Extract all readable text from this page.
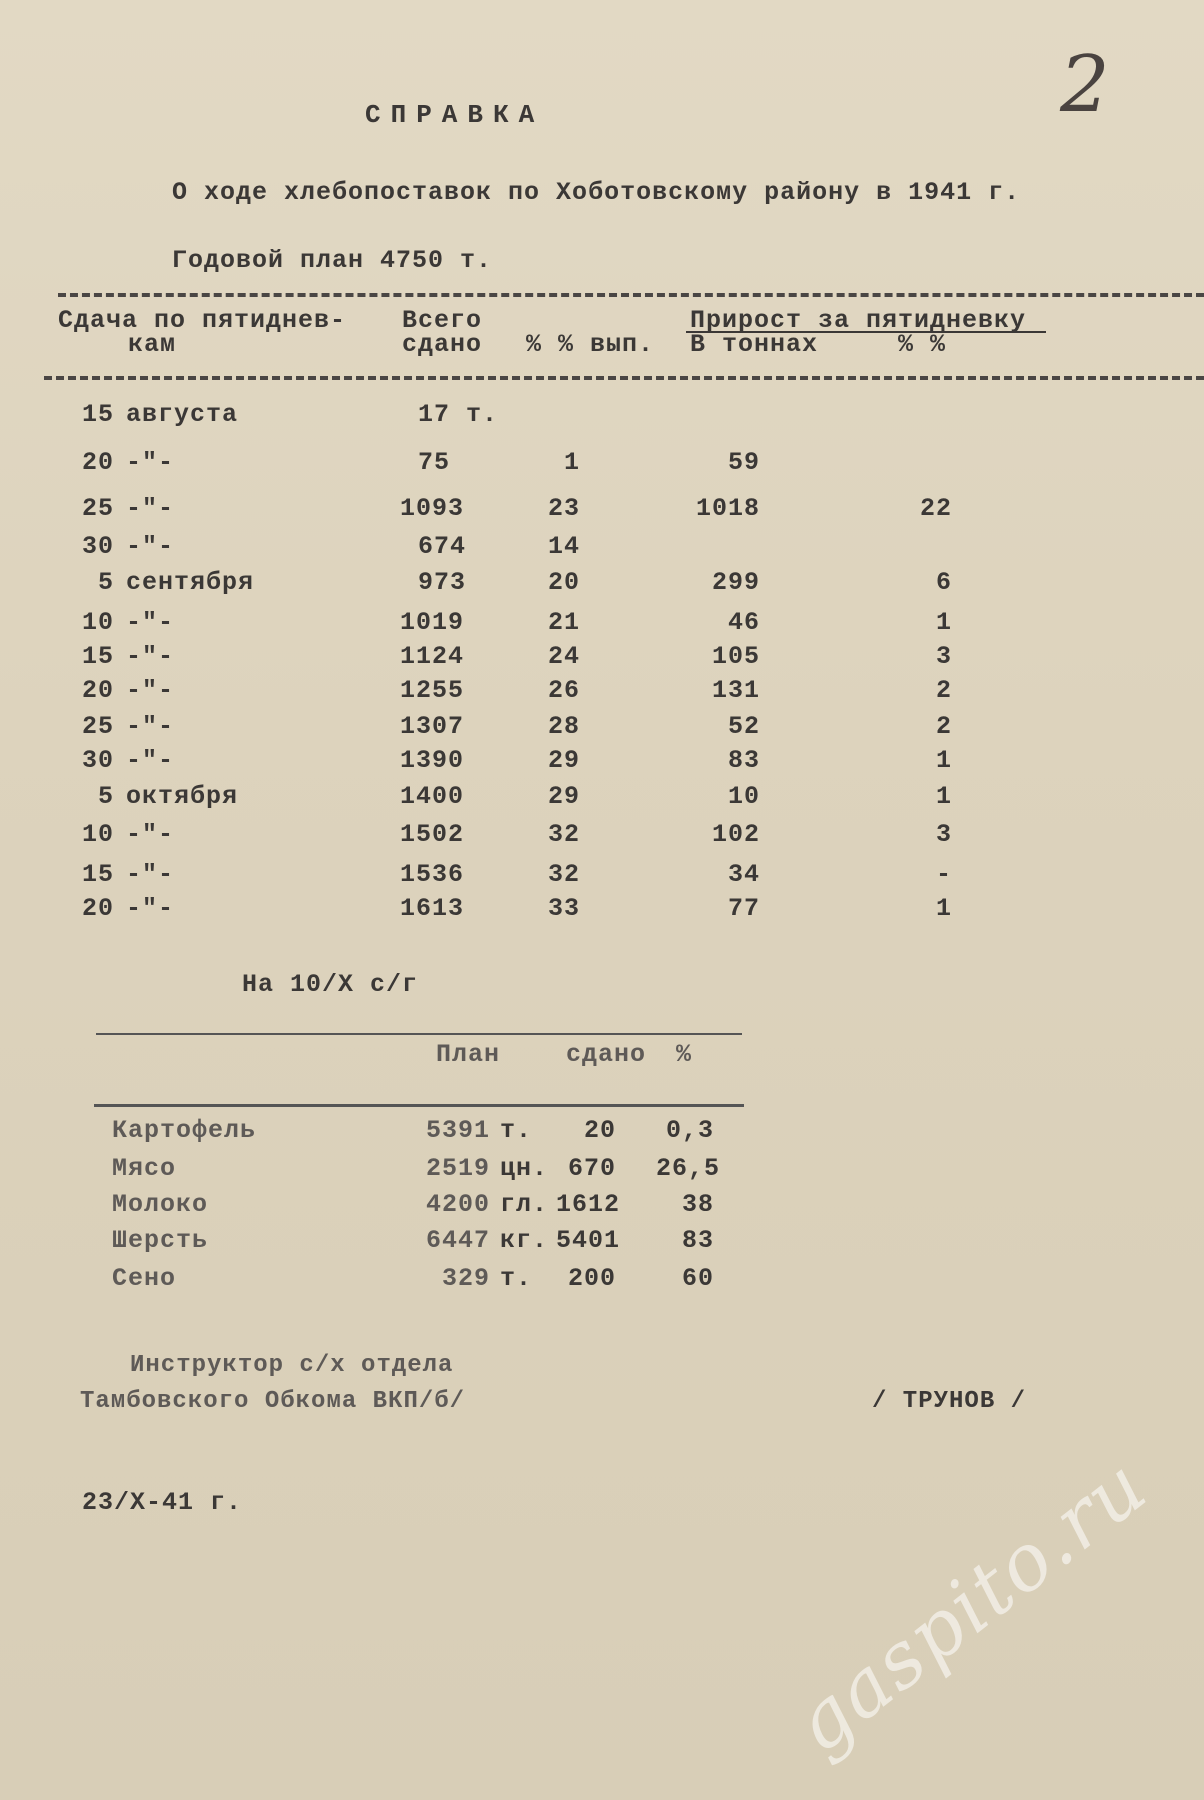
2
СПРАВКА
О ходе хлебопоставок по Хоботовскому району в 1941 г.
Годовой план 4750 т.
Сдача по пятиднев-
кам
Всего
сдано % % вып.
Прирост за пятидневку
В тоннах	% %
15 августа	17 т.
20 -"-	75	1	59
25 -"-	1093	23	1018	22
30 -"-	674	14
5 сентября	973	20	299	6
10 -"-	1019	21	46	1
15 -"-	1124	24	105	3
20 -"-	1255	26	131	2
25 -"-	1307	28	52	2
30 -"-	1390	29	83	1
5 октября	1400	29	10	1
10 -"-	1502	32	102	3
15 -"-	1536	32	34	-
20 -"-	1613	33	77	1
На 10/X с/г
План	сдано %
Картофель	5391 т.	20	0,3
Мясо	2519 цн. 670 26,5
Молоко	4200 гл. 1612	38
Шерсть	6447 кг. 5401	83
Сено	329 т.	200	60
Инструктор с/х отдела
Тамбовского Обкома ВКП/б/	/ ТРУНОВ /
23/X-41 г.	gaspito.ru
